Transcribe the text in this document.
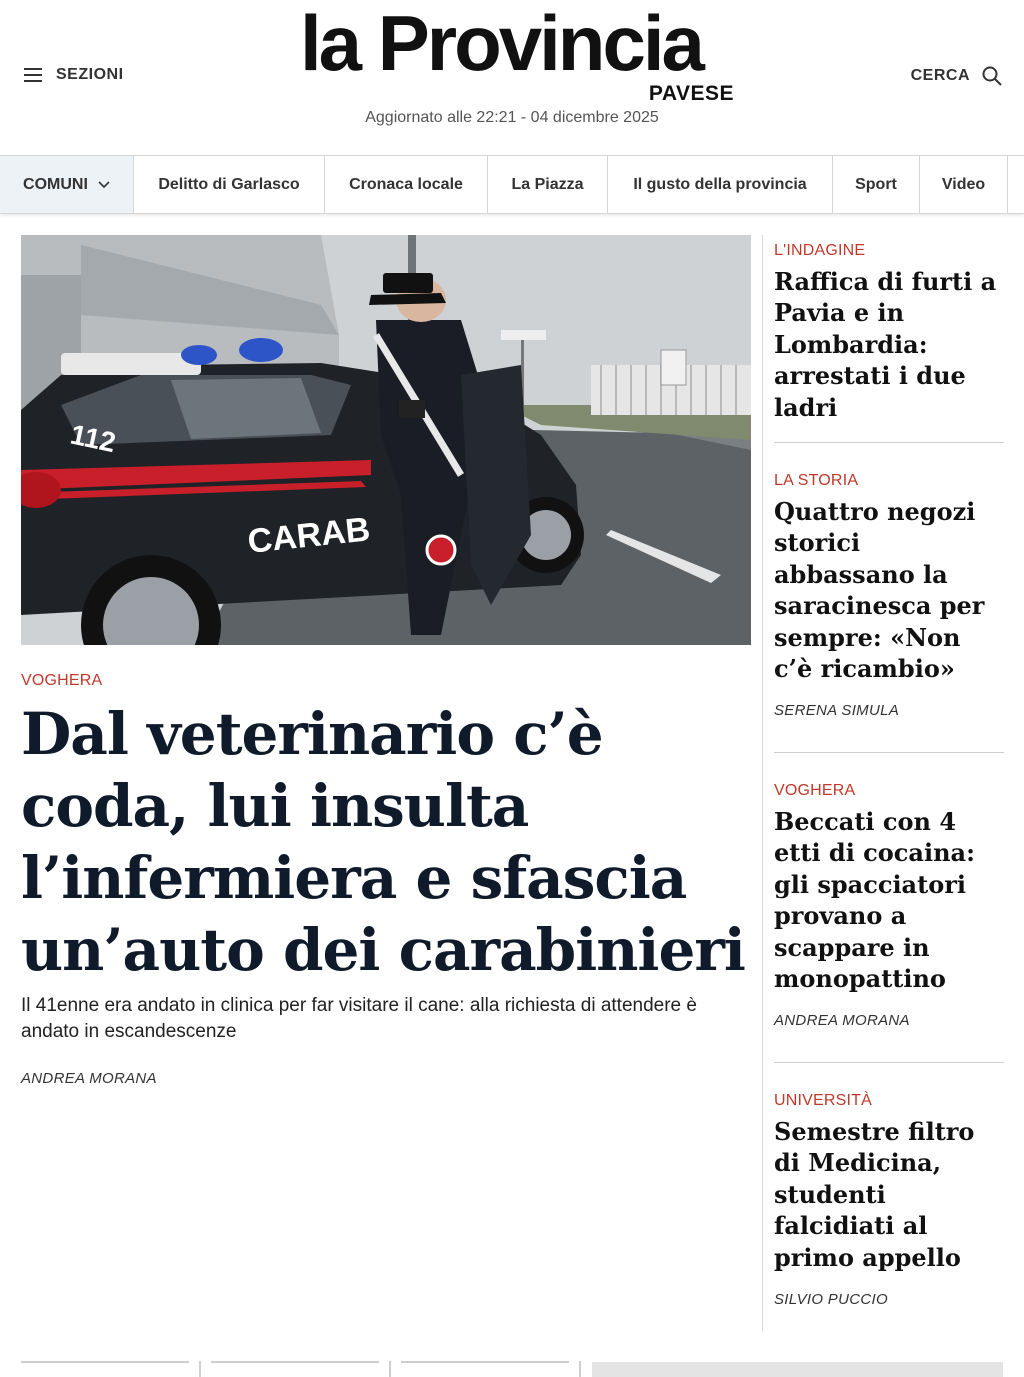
SEZIONI la Provincia
PAVESE
Aggiornato alle 22:21 - 04 dicembre 2025
CERCA
COMUNI	Delitto di Garlasco	Cronaca locale	La Piazza	Il gusto della provincia	Sport	Video
CARAB
112
VOGHERA
Dal veterinario c’è coda, lui insulta l’infermiera e sfascia un’auto dei carabinieri
Il 41enne era andato in clinica per far visitare il cane: alla richiesta di attendere è andato in escandescenze
ANDREA MORANA
L'INDAGINE
Raffica di furti a Pavia e in Lombardia: arrestati i due ladri
LA STORIA
Quattro negozi storici abbassano la saracinesca per sempre: «Non c’è ricambio»
SERENA SIMULA
VOGHERA
Beccati con 4 etti di cocaina: gli spacciatori provano a scappare in monopattino
ANDREA MORANA
UNIVERSITÀ
Semestre filtro di Medicina, studenti falcidiati al primo appello
SILVIO PUCCIO
